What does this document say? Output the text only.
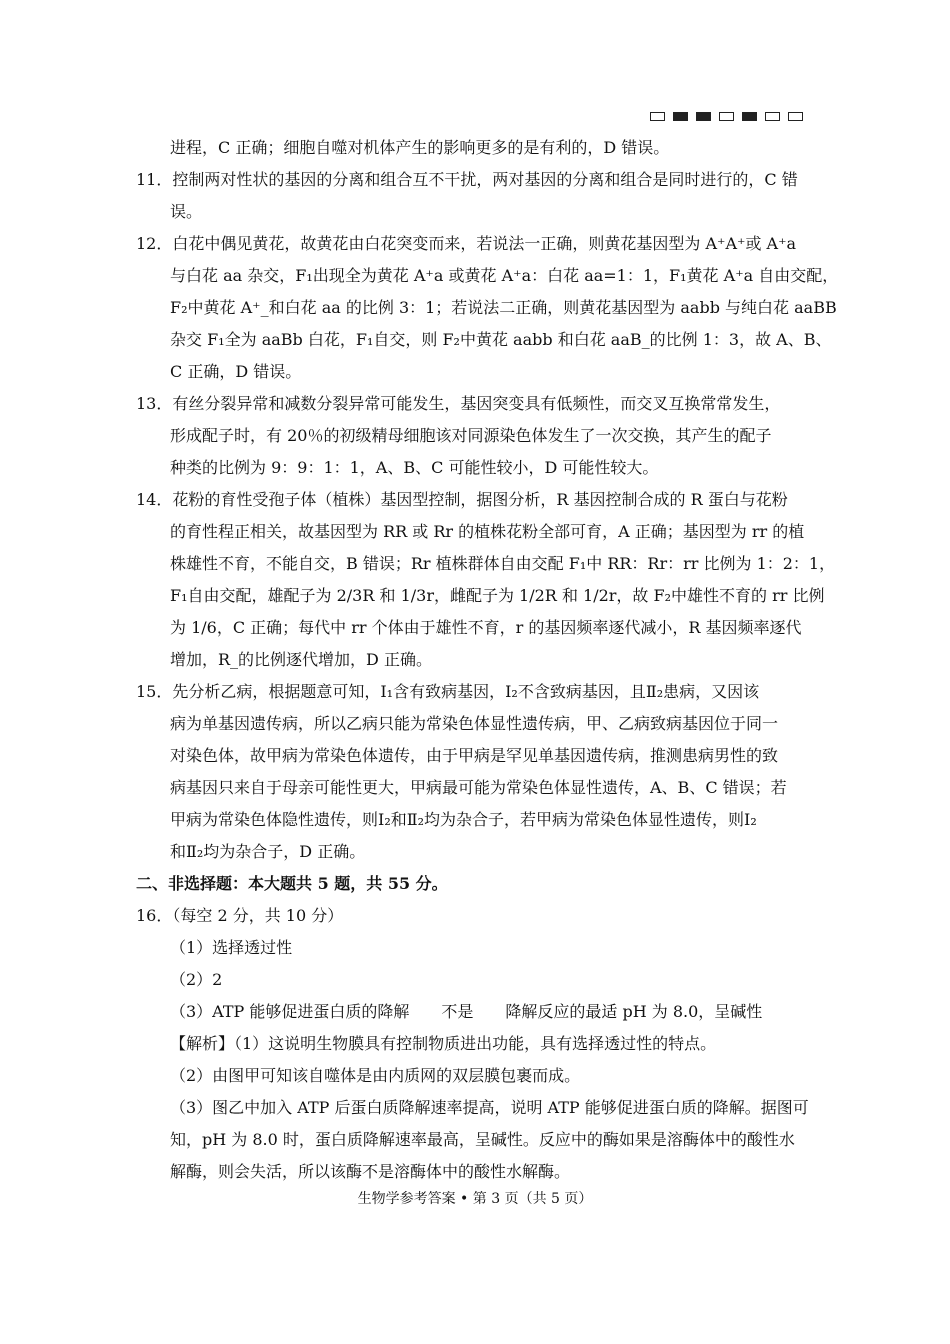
进程，C 正确；细胞自噬对机体产生的影响更多的是有利的，D 错误。
11．控制两对性状的基因的分离和组合互不干扰，两对基因的分离和组合是同时进行的，C 错
误。
12．白花中偶见黄花，故黄花由白花突变而来，若说法一正确，则黄花基因型为 A⁺A⁺或 A⁺a
与白花 aa 杂交，F₁出现全为黄花 A⁺a 或黄花 A⁺a：白花 aa=1：1，F₁黄花 A⁺a 自由交配，
F₂中黄花 A⁺_和白花 aa 的比例 3：1；若说法二正确，则黄花基因型为 aabb 与纯白花 aaBB
杂交 F₁全为 aaBb 白花，F₁自交，则 F₂中黄花 aabb 和白花 aaB_的比例 1：3，故 A、B、
C 正确，D 错误。
13．有丝分裂异常和减数分裂异常可能发生，基因突变具有低频性，而交叉互换常常发生，
形成配子时，有 20％的初级精母细胞该对同源染色体发生了一次交换，其产生的配子
种类的比例为 9：9：1：1，A、B、C 可能性较小，D 可能性较大。
14．花粉的育性受孢子体（植株）基因型控制，据图分析，R 基因控制合成的 R 蛋白与花粉
的育性程正相关，故基因型为 RR 或 Rr 的植株花粉全部可育，A 正确；基因型为 rr 的植
株雄性不育，不能自交，B 错误；Rr 植株群体自由交配 F₁中 RR：Rr：rr 比例为 1：2：1，
F₁自由交配，雄配子为 2/3R 和 1/3r，雌配子为 1/2R 和 1/2r，故 F₂中雄性不育的 rr 比例
为 1/6，C 正确；每代中 rr 个体由于雄性不育，r 的基因频率逐代减小，R 基因频率逐代
增加，R_的比例逐代增加，D 正确。
15．先分析乙病，根据题意可知，Ⅰ₁含有致病基因，Ⅰ₂不含致病基因，且Ⅱ₂患病，又因该
病为单基因遗传病，所以乙病只能为常染色体显性遗传病，甲、乙病致病基因位于同一
对染色体，故甲病为常染色体遗传，由于甲病是罕见单基因遗传病，推测患病男性的致
病基因只来自于母亲可能性更大，甲病最可能为常染色体显性遗传，A、B、C 错误；若
甲病为常染色体隐性遗传，则Ⅰ₂和Ⅱ₂均为杂合子，若甲病为常染色体显性遗传，则Ⅰ₂
和Ⅱ₂均为杂合子，D 正确。
二、非选择题：本大题共 5 题，共 55 分。
16．（每空 2 分，共 10 分）
（1）选择透过性
（2）2
（3）ATP 能够促进蛋白质的降解　　不是　　降解反应的最适 pH 为 8.0，呈碱性
【解析】（1）这说明生物膜具有控制物质进出功能，具有选择透过性的特点。
（2）由图甲可知该自噬体是由内质网的双层膜包裹而成。
（3）图乙中加入 ATP 后蛋白质降解速率提高，说明 ATP 能够促进蛋白质的降解。据图可
知，pH 为 8.0 时，蛋白质降解速率最高，呈碱性。反应中的酶如果是溶酶体中的酸性水
解酶，则会失活，所以该酶不是溶酶体中的酸性水解酶。
生物学参考答案 • 第 3 页（共 5 页）
